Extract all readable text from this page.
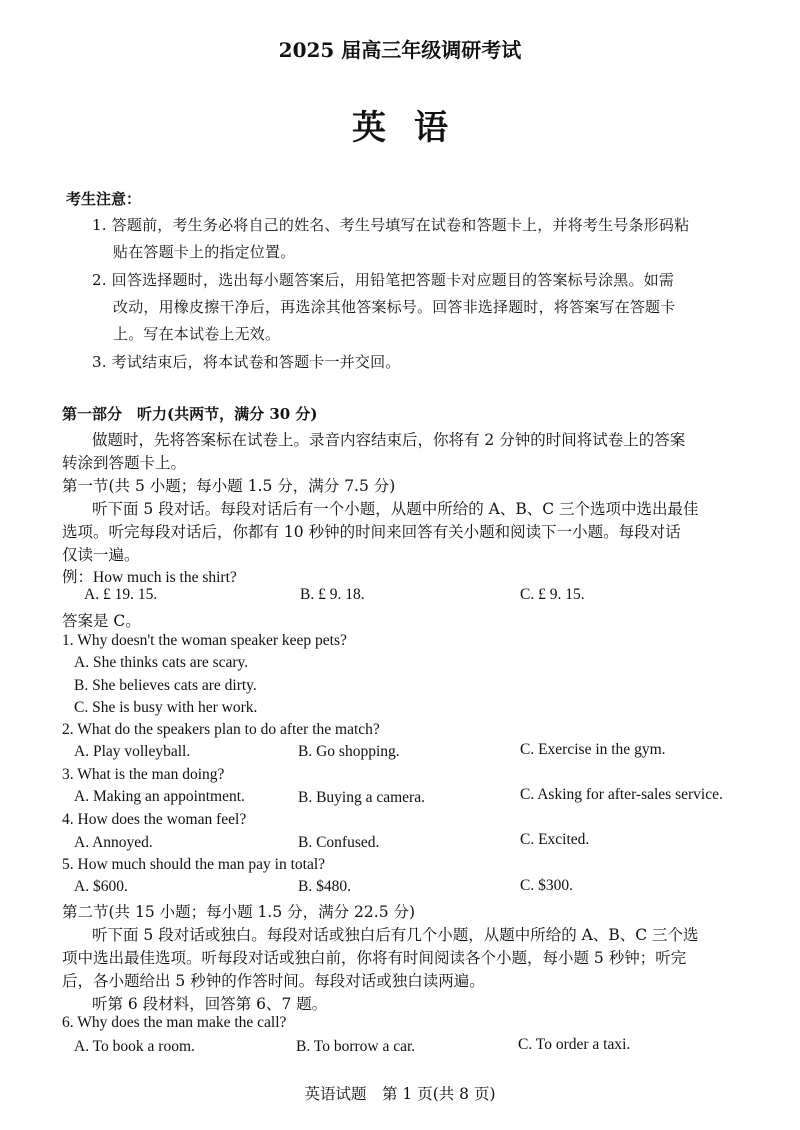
2025 届高三年级调研考试
英语
考生注意：
1. 答题前，考生务必将自己的姓名、考生号填写在试卷和答题卡上，并将考生号条形码粘
贴在答题卡上的指定位置。
2. 回答选择题时，选出每小题答案后，用铅笔把答题卡对应题目的答案标号涂黑。如需
改动，用橡皮擦干净后，再选涂其他答案标号。回答非选择题时，将答案写在答题卡
上。写在本试卷上无效。
3. 考试结束后，将本试卷和答题卡一并交回。
第一部分　听力(共两节，满分 30 分)
做题时，先将答案标在试卷上。录音内容结束后，你将有 2 分钟的时间将试卷上的答案
转涂到答题卡上。
第一节(共 5 小题；每小题 1.5 分，满分 7.5 分)
听下面 5 段对话。每段对话后有一个小题，从题中所给的 A、B、C 三个选项中选出最佳
选项。听完每段对话后，你都有 10 秒钟的时间来回答有关小题和阅读下一小题。每段对话
仅读一遍。
例：How much is the shirt?
A. £ 19. 15.	B. £ 9. 18.	C. £ 9. 15.
答案是 C。
1. Why doesn't the woman speaker keep pets?
A. She thinks cats are scary.
B. She believes cats are dirty.
C. She is busy with her work.
2. What do the speakers plan to do after the match?
A. Play volleyball.	B. Go shopping.	C. Exercise in the gym.
3. What is the man doing?
A. Making an appointment.	B. Buying a camera.	C. Asking for after-sales service.
4. How does the woman feel?
A. Annoyed.	B. Confused.	C. Excited.
5. How much should the man pay in total?
A. $600.	B. $480.	C. $300.
第二节(共 15 小题；每小题 1.5 分，满分 22.5 分)
听下面 5 段对话或独白。每段对话或独白后有几个小题，从题中所给的 A、B、C 三个选
项中选出最佳选项。听每段对话或独白前，你将有时间阅读各个小题，每小题 5 秒钟；听完
后，各小题给出 5 秒钟的作答时间。每段对话或独白读两遍。
听第 6 段材料，回答第 6、7 题。
6. Why does the man make the call?
A. To book a room.	B. To borrow a car.	C. To order a taxi.
英语试题　第 1 页(共 8 页)
